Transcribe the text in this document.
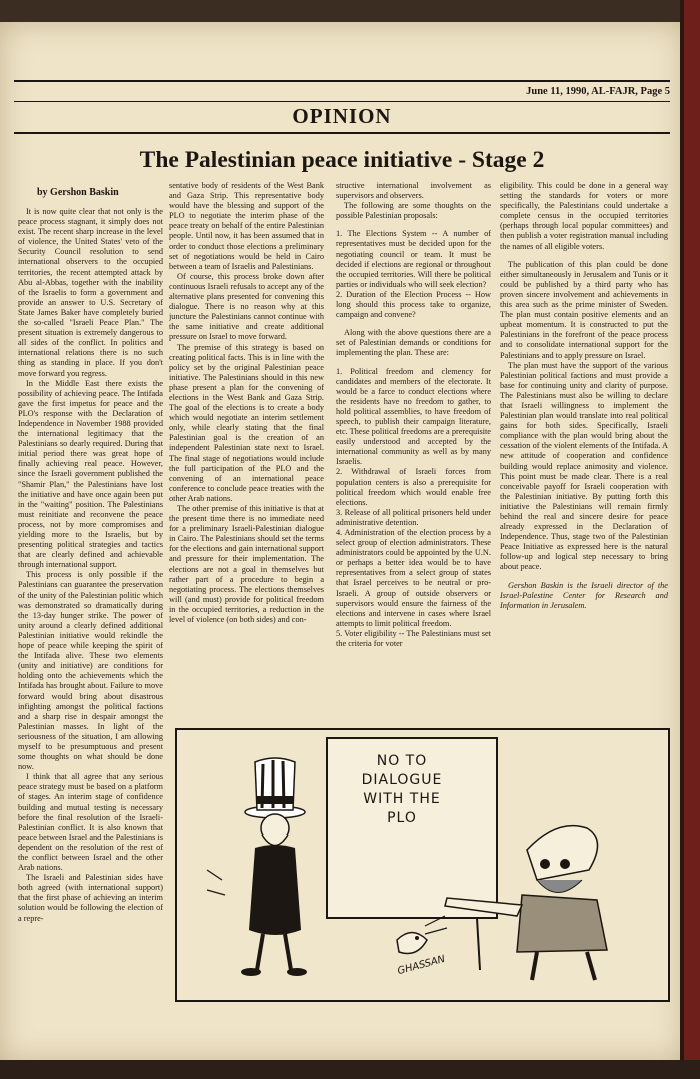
June 11, 1990, AL-FAJR, Page 5
OPINION
The Palestinian peace initiative - Stage 2
by Gershon Baskin

It is now quite clear that not only is the peace process stagnant, it simply does not exist. The recent sharp increase in the level of violence, the United States' veto of the Security Council resolution to send international observers to the occupied territories, the recent attempted attack by Abu al-Abbas, together with the inability of the Israelis to form a government and provide an answer to U.S. Secretary of State James Baker have completely buried the so-called "Israeli Peace Plan." The present situation is extremely dangerous to all sides of the conflict. In politics and international relations there is no such thing as standing in place. If you don't move forward you regress.

In the Middle East there exists the possibility of achieving peace. The Intifada gave the first impetus for peace and the PLO's response with the Declaration of Independence in November 1988 provided the international legitimacy that the Palestinians so dearly required. During that initial period there was great hope of finally achieving real peace. However, since the Israeli government published the "Shamir Plan," the Palestinians have lost the initiative and have once again been put in the "waiting" position. The Palestinians must reinitiate and reconvene the peace process, not by more compromises and yielding more to the Israelis, but by presenting political strategies and tactics that are clearly defined and achievable through international support.

This process is only possible if the Palestinians can guarantee the preservation of the unity of the Palestinian politic which was demonstrated so dramatically during the 13-day hunger strike. The power of unity around a clearly defined additional Palestinian initiative would rekindle the hope of peace while keeping the spirit of the Intifada alive. These two elements (unity and initiative) are conditions for holding onto the achievements which the Intifada has brought about. Failure to move forward would bring about disastrous infighting amongst the political factions and a sharp rise in despair amongst the Palestinian masses. In light of the seriousness of the situation, I am allowing myself to be presumptuous and present some thoughts on what should be done now.

I think that all agree that any serious peace strategy must be based on a platform of stages. An interim stage of confidence building and mutual testing is necessary before the final resolution of the Israeli-Palestinian conflict. It is also known that peace between Israel and the Palestinians is dependent on the resolution of the rest of the conflict between Israel and the other Arab nations.

The Israeli and Palestinian sides have both agreed (with international support) that the first phase of achieving an interim solution would be following the election of a repre-

sentative body of residents of the West Bank and Gaza Strip. This representative body would have the blessing and support of the PLO to negotiate the interim phase of the peace treaty on behalf of the entire Palestinian people. Until now, it has been assumed that in order to conduct those elections a preliminary set of negotiations would be held in Cairo between a team of Israelis and Palestinians.

Of course, this process broke down after continuous Israeli refusals to accept any of the alternative plans presented for convening this dialogue. There is no reason why at this juncture the Palestinians cannot continue with the same initiative and create additional pressure on Israel to move forward.

The premise of this strategy is based on creating political facts. This is in line with the policy set by the original Palestinian peace initiative. The Palestinians should in this new phase present a plan for the convening of elections in the West Bank and Gaza Strip. The goal of the elections is to create a body which would negotiate an interim settlement only, while clearly stating that the final Palestinian goal is the creation of an independent Palestinian state next to Israel. The final stage of negotiations would include the full participation of the PLO and the convening of an international peace conference to conclude peace treaties with the other Arab nations.

The other premise of this initiative is that at the present time there is no immediate need for a preliminary Israeli-Palestinian dialogue in Cairo. The Palestinians should set the terms for the elections and gain international support and pressure for their implementation. The elections are not a goal in themselves but rather part of a procedure to begin a negotiating process. The elections themselves will (and must) provide for political freedom in the occupied territories, a reduction in the level of violence (on both sides) and con-

structive international involvement as supervisors and observers.

The following are some thoughts on the possible Palestinian proposals:

1. The Elections System -- A number of representatives must be decided upon for the negotiating council or team. It must be decided if elections are regional or throughout the occupied territories. Will there be political parties or individuals who will seek election?

2. Duration of the Election Process -- How long should this process take to organize, campaign and convene?

Along with the above questions there are a set of Palestinian demands or conditions for implementing the plan. These are:

1. Political freedom and clemency for candidates and members of the electorate. It would be a farce to conduct elections where the residents have no freedom to gather, to hold political assemblies, to have freedom of speech, to publish their campaign literature, etc. These political freedoms are a prerequisite easily understood and accepted by the international community as well as by many Israelis.

2. Withdrawal of Israeli forces from population centers is also a prerequisite for political freedom which would enable free elections.

3. Release of all political prisoners held under administrative detention.

4. Administration of the election process by a select group of election administrators. These administrators could be appointed by the U.N. or perhaps a better idea would be to have representatives from a select group of states that Israel perceives to be neutral or pro-Israeli. A group of outside observers or supervisors would ensure the fairness of the elections and intervene in cases where Israel attempts to limit political freedom.

5. Voter eligibility -- The Palestinians must set the criteria for voter

eligibility. This could be done in a general way setting the standards for voters or more specifically, the Palestinians could undertake a complete census in the occupied territories (perhaps through local popular committees) and then publish a voter registration manual including the names of all eligible voters.

The publication of this plan could be done either simultaneously in Jerusalem and Tunis or it could be published by a third party who has proven sincere involvement and achievements in this area such as the prime minister of Sweden. The plan must contain positive elements and an upbeat momentum. It is constructed to put the Palestinians in the forefront of the peace process and to consolidate international support for the Palestinians and to apply pressure on Israel.

The plan must have the support of the various Palestinian political factions and must provide a base for continuing unity and clarity of purpose. The Palestinians must also be willing to declare that Israeli willingness to implement the Palestinian plan would translate into real political gains for both sides. Specifically, Israeli compliance with the plan would bring about the cessation of the violent elements of the Intifada. A new attitude of cooperation and confidence building would replace animosity and violence. This point must be made clear. There is a real conceivable payoff for Israeli cooperation with the Palestinian initiative. By putting forth this initiative the Palestinians will remain firmly behind the real and sincere desire for peace already expressed in the Declaration of Independence. Thus, stage two of the Palestinian Peace Initiative as expressed here is the natural follow-up and logical step necessary to bring about peace.

Gershon Baskin is the Israeli director of the Israel-Palestine Center for Research and Information in Jerusalem.

NO TO
DIALOGUE
WITH THE
PLO
GHASSAN
